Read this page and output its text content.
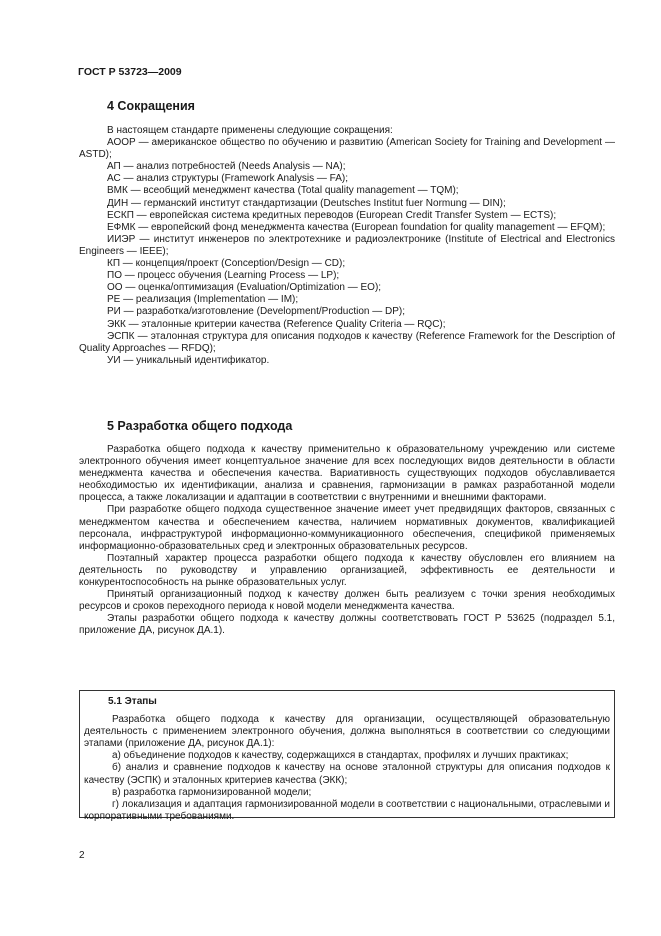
ГОСТ Р 53723—2009
4 Сокращения

В настоящем стандарте применены следующие сокращения:

АООР — американское общество по обучению и развитию (American Society for Training and Development — ASTD);

АП — анализ потребностей (Needs Analysis — NA);

АС — анализ структуры (Framework Analysis — FA);

ВМК — всеобщий менеджмент качества (Total quality management — TQM);

ДИН — германский институт стандартизации (Deutsches Institut fuer Normung — DIN);

ЕСКП — европейская система кредитных переводов (European Credit Transfer System — ECTS);

ЕФМК — европейский фонд менеджмента качества (European foundation for quality management — EFQM);

ИИЭР — институт инженеров по электротехнике и радиоэлектронике (Institute of Electrical and Electronics Engineers — IEEE);

КП — концепция/проект (Conception/Design — CD);

ПО — процесс обучения (Learning Process — LP);

ОО — оценка/оптимизация (Evaluation/Optimization — EO);

РЕ — реализация (Implementation — IM);

РИ — разработка/изготовление (Development/Production — DP);

ЭКК — эталонные критерии качества (Reference Quality Criteria — RQC);

ЭСПК — эталонная структура для описания подходов к качеству (Reference Framework for the Description of Quality Approaches — RFDQ);

УИ — уникальный идентификатор.

5 Разработка общего подхода

Разработка общего подхода к качеству применительно к образовательному учреждению или системе электронного обучения имеет концептуальное значение для всех последующих видов деятельности в области менеджмента качества и обеспечения качества. Вариативность существующих подходов обуславливается необходимостью их идентификации, анализа и сравнения, гармонизации в рамках разработанной модели процесса, а также локализации и адаптации в соответствии с внутренними и внешними факторами.

При разработке общего подхода существенное значение имеет учет предвидящих факторов, связанных с менеджментом качества и обеспечением качества, наличием нормативных документов, квалификацией персонала, инфраструктурой информационно-коммуникационного обеспечения, спецификой применяемых информационно-образовательных сред и электронных образовательных ресурсов.

Поэтапный характер процесса разработки общего подхода к качеству обусловлен его влиянием на деятельность по руководству и управлению организацией, эффективность ее деятельности и конкурентоспособность на рынке образовательных услуг.

Принятый организационный подход к качеству должен быть реализуем с точки зрения необходимых ресурсов и сроков переходного периода к новой модели менеджмента качества.

Этапы разработки общего подхода к качеству должны соответствовать ГОСТ Р 53625 (подраздел 5.1, приложение ДА, рисунок ДА.1).

5.1 Этапы

Разработка общего подхода к качеству для организации, осуществляющей образовательную деятельность с применением электронного обучения, должна выполняться в соответствии со следующими этапами (приложение ДА, рисунок ДА.1):

а) объединение подходов к качеству, содержащихся в стандартах, профилях и лучших практиках;

б) анализ и сравнение подходов к качеству на основе эталонной структуры для описания подходов к качеству (ЭСПК) и эталонных критериев качества (ЭКК);

в) разработка гармонизированной модели;

г) локализация и адаптация гармонизированной модели в соответствии с национальными, отраслевыми и корпоративными требованиями.

2
